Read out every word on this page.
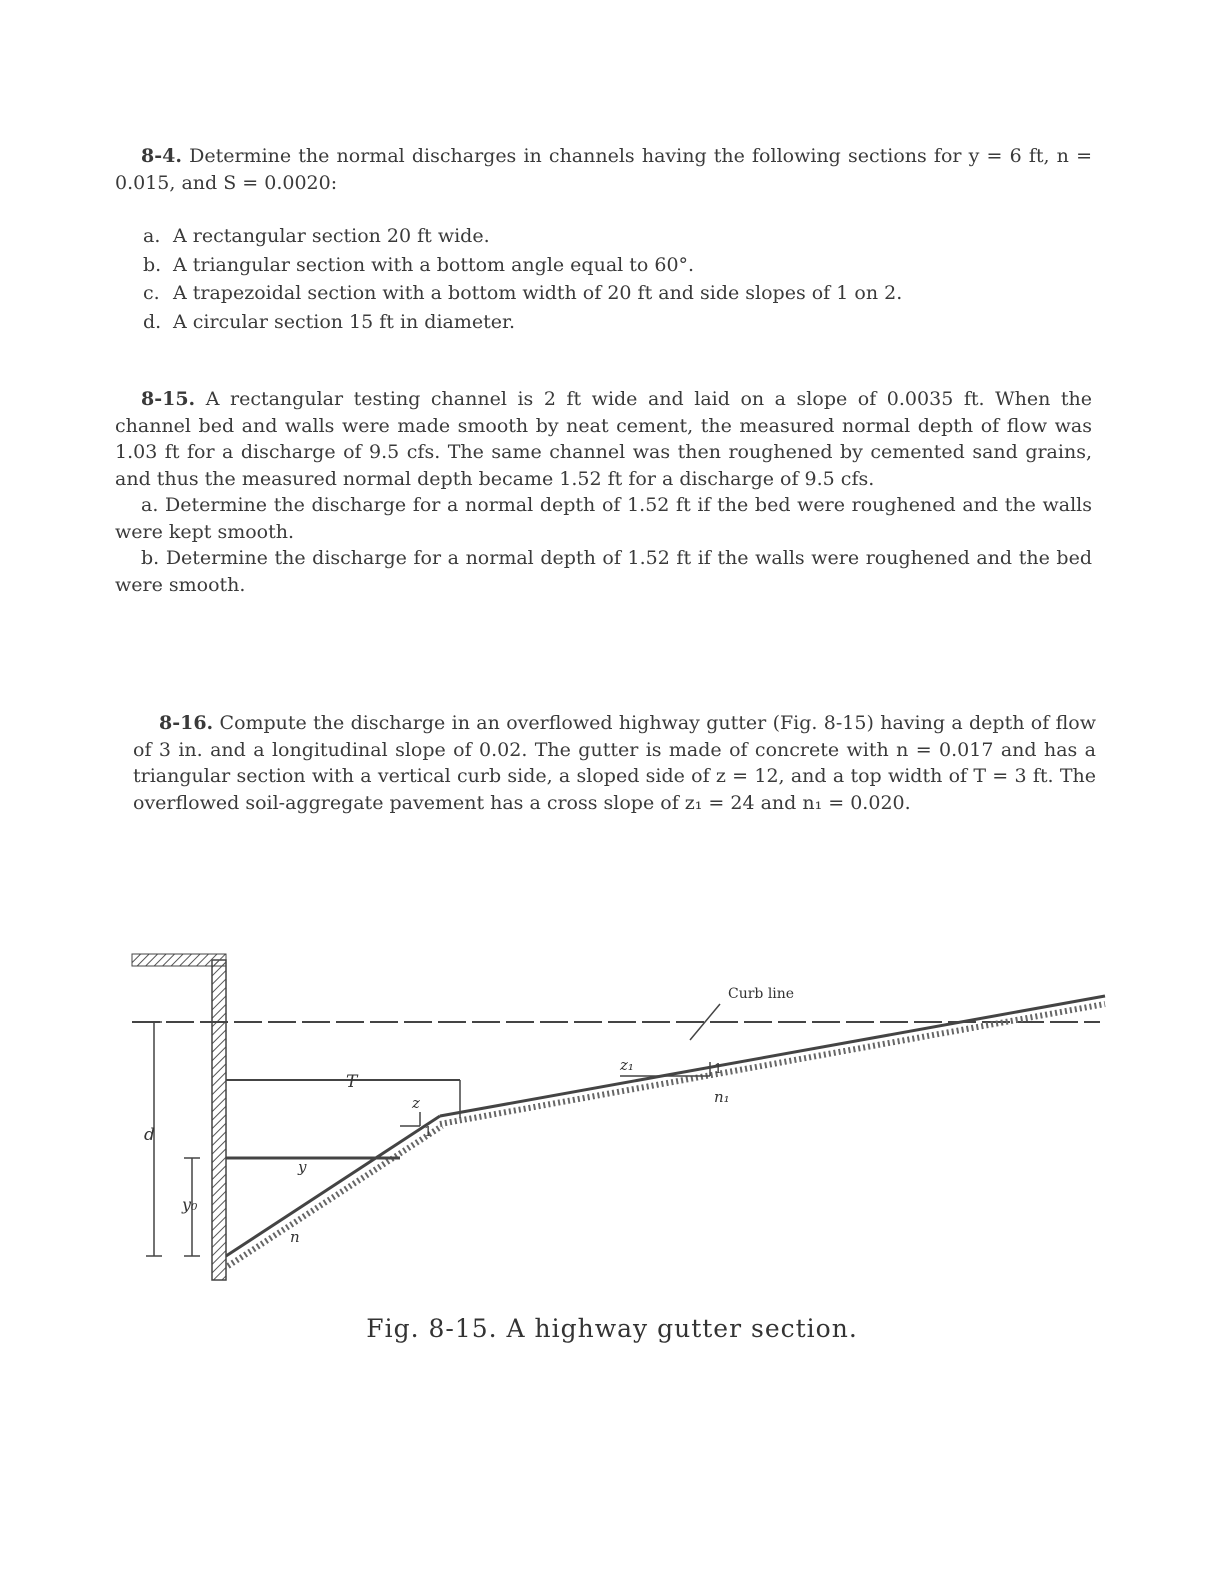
8-4. Determine the normal discharges in channels having the following sections for y = 6 ft, n = 0.015, and S = 0.0020:

a. A rectangular section 20 ft wide.
b. A triangular section with a bottom angle equal to 60°.
c. A trapezoidal section with a bottom width of 20 ft and side slopes of 1 on 2.
d. A circular section 15 ft in diameter.

8-15. A rectangular testing channel is 2 ft wide and laid on a slope of 0.0035 ft. When the channel bed and walls were made smooth by neat cement, the measured normal depth of flow was 1.03 ft for a discharge of 9.5 cfs. The same channel was then roughened by cemented sand grains, and thus the measured normal depth became 1.52 ft for a discharge of 9.5 cfs.

a. Determine the discharge for a normal depth of 1.52 ft if the bed were roughened and the walls were kept smooth.

b. Determine the discharge for a normal depth of 1.52 ft if the walls were roughened and the bed were smooth.

8-16. Compute the discharge in an overflowed highway gutter (Fig. 8-15) having a depth of flow of 3 in. and a longitudinal slope of 0.02. The gutter is made of concrete with n = 0.017 and has a triangular section with a vertical curb side, a sloped side of z = 12, and a top width of T = 3 ft. The overflowed soil-aggregate pavement has a cross slope of z₁ = 24 and n₁ = 0.020.

Curb line
T
d
y₀
y
z
z₁
n
n₁
1
1
Fig. 8-15. A highway gutter section.
